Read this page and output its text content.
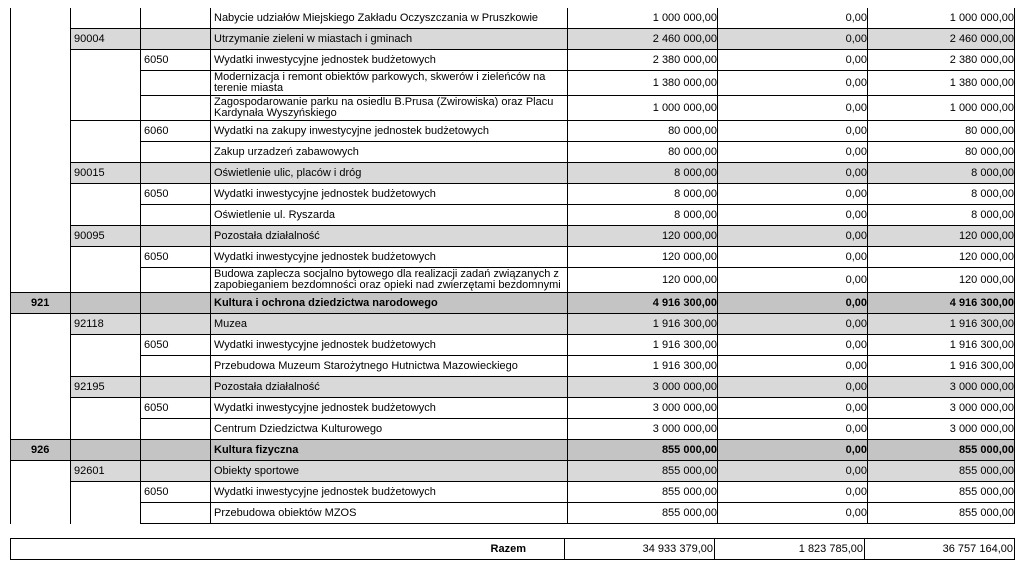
			Nabycie udziałów Miejskiego Zakładu Oczyszczania w Pruszkowie	1 000 000,00	0,00	1 000 000,00
	90004		Utrzymanie zieleni w miastach i gminach	2 460 000,00	0,00	2 460 000,00
		6050	Wydatki inwestycyjne jednostek budżetowych	2 380 000,00	0,00	2 380 000,00
			Modernizacja i remont obiektów parkowych, skwerów i zieleńców na terenie miasta	1 380 000,00	0,00	1 380 000,00
			Zagospodarowanie parku na osiedlu B.Prusa (Zwirowiska) oraz Placu Kardynała Wyszyńskiego	1 000 000,00	0,00	1 000 000,00
		6060	Wydatki na zakupy inwestycyjne jednostek budżetowych	80 000,00	0,00	80 000,00
			Zakup urzadzeń zabawowych	80 000,00	0,00	80 000,00
	90015		Oświetlenie ulic, placów i dróg	8 000,00	0,00	8 000,00
		6050	Wydatki inwestycyjne jednostek budżetowych	8 000,00	0,00	8 000,00
			Oświetlenie ul. Ryszarda	8 000,00	0,00	8 000,00
	90095		Pozostała działalność	120 000,00	0,00	120 000,00
		6050	Wydatki inwestycyjne jednostek budżetowych	120 000,00	0,00	120 000,00
			Budowa zaplecza socjalno bytowego dla realizacji zadań związanych z zapobieganiem bezdomności oraz opieki nad zwierzętami bezdomnymi	120 000,00	0,00	120 000,00
921			Kultura i ochrona dziedzictwa narodowego	4 916 300,00	0,00	4 916 300,00
	92118		Muzea	1 916 300,00	0,00	1 916 300,00
		6050	Wydatki inwestycyjne jednostek budżetowych	1 916 300,00	0,00	1 916 300,00
			Przebudowa Muzeum Starożytnego Hutnictwa Mazowieckiego	1 916 300,00	0,00	1 916 300,00
	92195		Pozostała działalność	3 000 000,00	0,00	3 000 000,00
		6050	Wydatki inwestycyjne jednostek budżetowych	3 000 000,00	0,00	3 000 000,00
			Centrum Dziedzictwa Kulturowego	3 000 000,00	0,00	3 000 000,00
926			Kultura fizyczna	855 000,00	0,00	855 000,00
	92601		Obiekty sportowe	855 000,00	0,00	855 000,00
		6050	Wydatki inwestycyjne jednostek budżetowych	855 000,00	0,00	855 000,00
			Przebudowa obiektów MZOS	855 000,00	0,00	855 000,00
Razem	34 933 379,00	1 823 785,00	36 757 164,00
